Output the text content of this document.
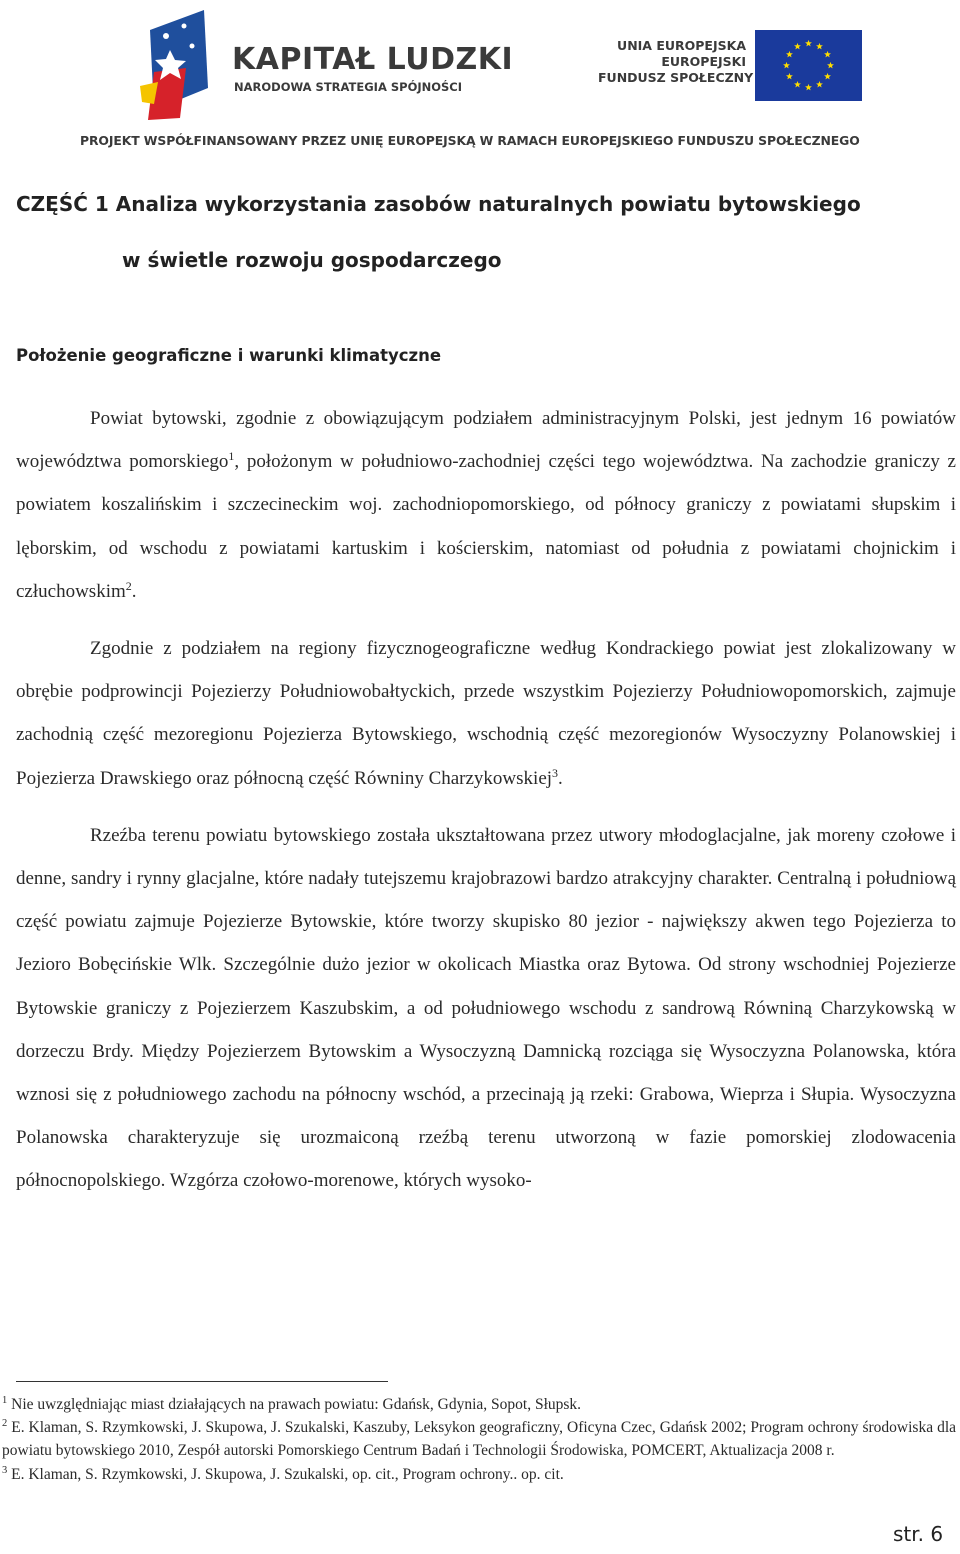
KAPITAŁ LUDZKI
NARODOWA STRATEGIA SPÓJNOŚCI
UNIA EUROPEJSKA
EUROPEJSKI
FUNDUSZ SPOŁECZNY
PROJEKT WSPÓŁFINANSOWANY PRZEZ UNIĘ EUROPEJSKĄ W RAMACH EUROPEJSKIEGO FUNDUSZU SPOŁECZNEGO
CZĘŚĆ 1 Analiza wykorzystania zasobów naturalnych powiatu bytowskiego
w świetle rozwoju gospodarczego
Położenie geograficzne i warunki klimatyczne

Powiat bytowski, zgodnie z obowiązującym podziałem administracyjnym Polski, jest jednym 16 powiatów województwa pomorskiego$^1$, położonym w południowo-zachodniej części tego województwa. Na zachodzie graniczy z powiatem koszalińskim i szczecineckim woj. zachodniopomorskiego, od północy graniczy z powiatami słupskim i lęborskim, od wschodu z powiatami kartuskim i kościerskim, natomiast od południa z powiatami chojnickim i człuchowskim$^2$.

Zgodnie z podziałem na regiony fizycznogeograficzne według Kondrackiego powiat jest zlokalizowany w obrębie podprowincji Pojezierzy Południowobałtyckich, przede wszystkim Pojezierzy Południowopomorskich, zajmuje zachodnią część mezoregionu Pojezierza Bytowskiego, wschodnią część mezoregionów Wysoczyzny Polanowskiej i Pojezierza Drawskiego oraz północną część Równiny Charzykowskiej$^3$.

Rzeźba terenu powiatu bytowskiego została ukształtowana przez utwory młodoglacjalne, jak moreny czołowe i denne, sandry i rynny glacjalne, które nadały tutejszemu krajobrazowi bardzo atrakcyjny charakter. Centralną i południową część powiatu zajmuje Pojezierze Bytowskie, które tworzy skupisko 80 jezior - największy akwen tego Pojezierza to Jezioro Bobęcińskie Wlk. Szczególnie dużo jezior w okolicach Miastka oraz Bytowa. Od strony wschodniej Pojezierze Bytowskie graniczy z Pojezierzem Kaszubskim, a od południowego wschodu z sandrową Równiną Charzykowską w dorzeczu Brdy. Między Pojezierzem Bytowskim a Wysoczyzną Damnicką rozciąga się Wysoczyzna Polanowska, która wznosi się z południowego zachodu na północny wschód, a przecinają ją rzeki: Grabowa, Wieprza i Słupia. Wysoczyzna Polanowska charakteryzuje się urozmaiconą rzeźbą terenu utworzoną w fazie pomorskiej zlodowacenia północnopolskiego. Wzgórza czołowo-morenowe, których wysoko-

$^1$ Nie uwzględniając miast działających na prawach powiatu: Gdańsk, Gdynia, Sopot, Słupsk.
$^2$ E. Klaman, S. Rzymkowski, J. Skupowa, J. Szukalski, Kaszuby, Leksykon geograficzny, Oficyna Czec, Gdańsk 2002; Program ochrony środowiska dla powiatu bytowskiego 2010, Zespół autorski Pomorskiego Centrum Badań i Technologii Środowiska, POMCERT, Aktualizacja 2008 r.
$^3$ E. Klaman, S. Rzymkowski, J. Skupowa, J. Szukalski, op. cit., Program ochrony.. op. cit.
str. 6
